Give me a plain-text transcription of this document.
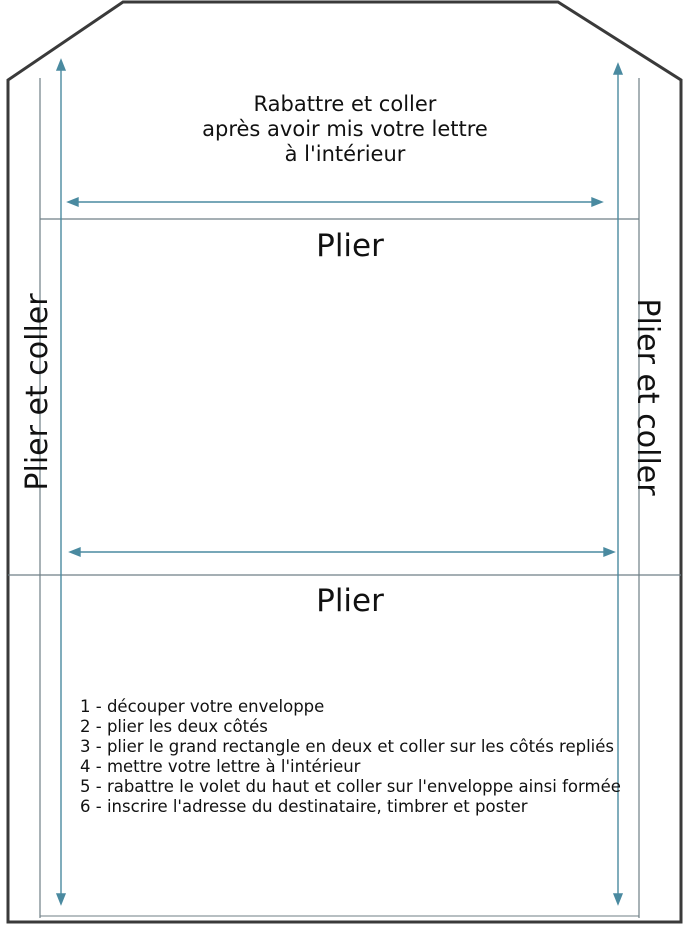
Rabattre et coller
après avoir mis votre lettre
à l'intérieur
Plier
Plier
Plier et coller	Plier et coller
1 - découper votre enveloppe
2 - plier les deux côtés
3 - plier le grand rectangle en deux et coller sur les côtés repliés
4 - mettre votre lettre à l'intérieur
5 - rabattre le volet du haut et coller sur l'enveloppe ainsi formée
6 - inscrire l'adresse du destinataire, timbrer et poster
